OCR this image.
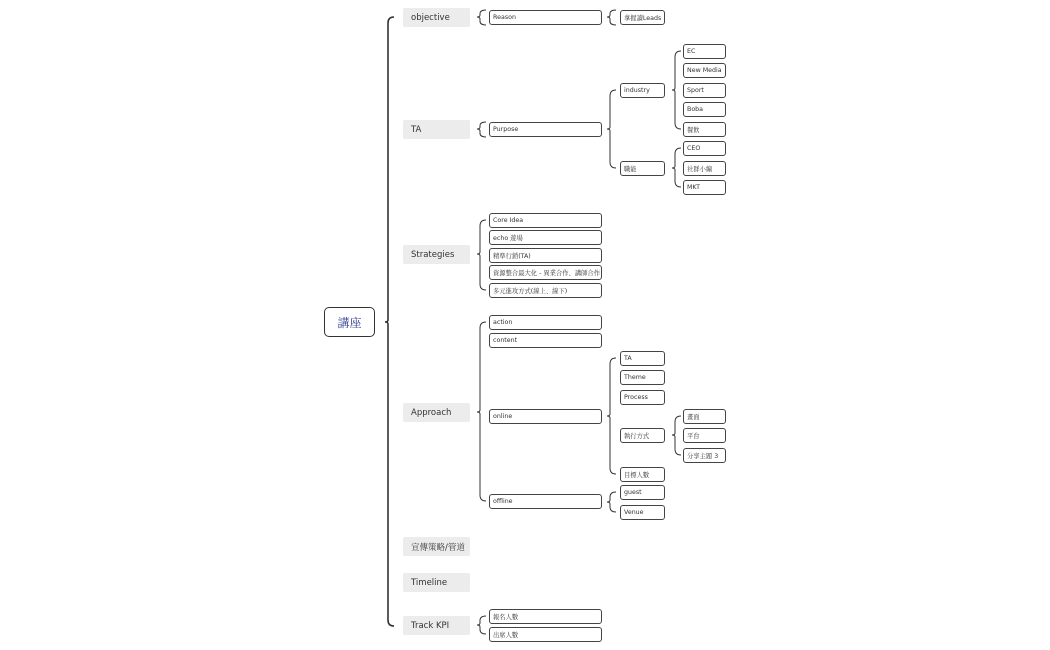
講座
objective
TA
Strategies
Approach
宣傳策略/管道
Timeline
Track KPI
Reason
Purpose
Core Idea
echo 遊場
精準行銷(TA)
資源整合最大化 - 異業合作、講師合作
多元進攻方式(線上、線下)
action
content
online
offline
報名人數
出席人數
拿握讀Leads
industry
職能
TA
Theme
Process
執行方式
目標人數
guest
Venue
EC
New Media
Sport
Boba
餐飲
CEO
社群小編
MKT
畫面
平台
分享主題 3
